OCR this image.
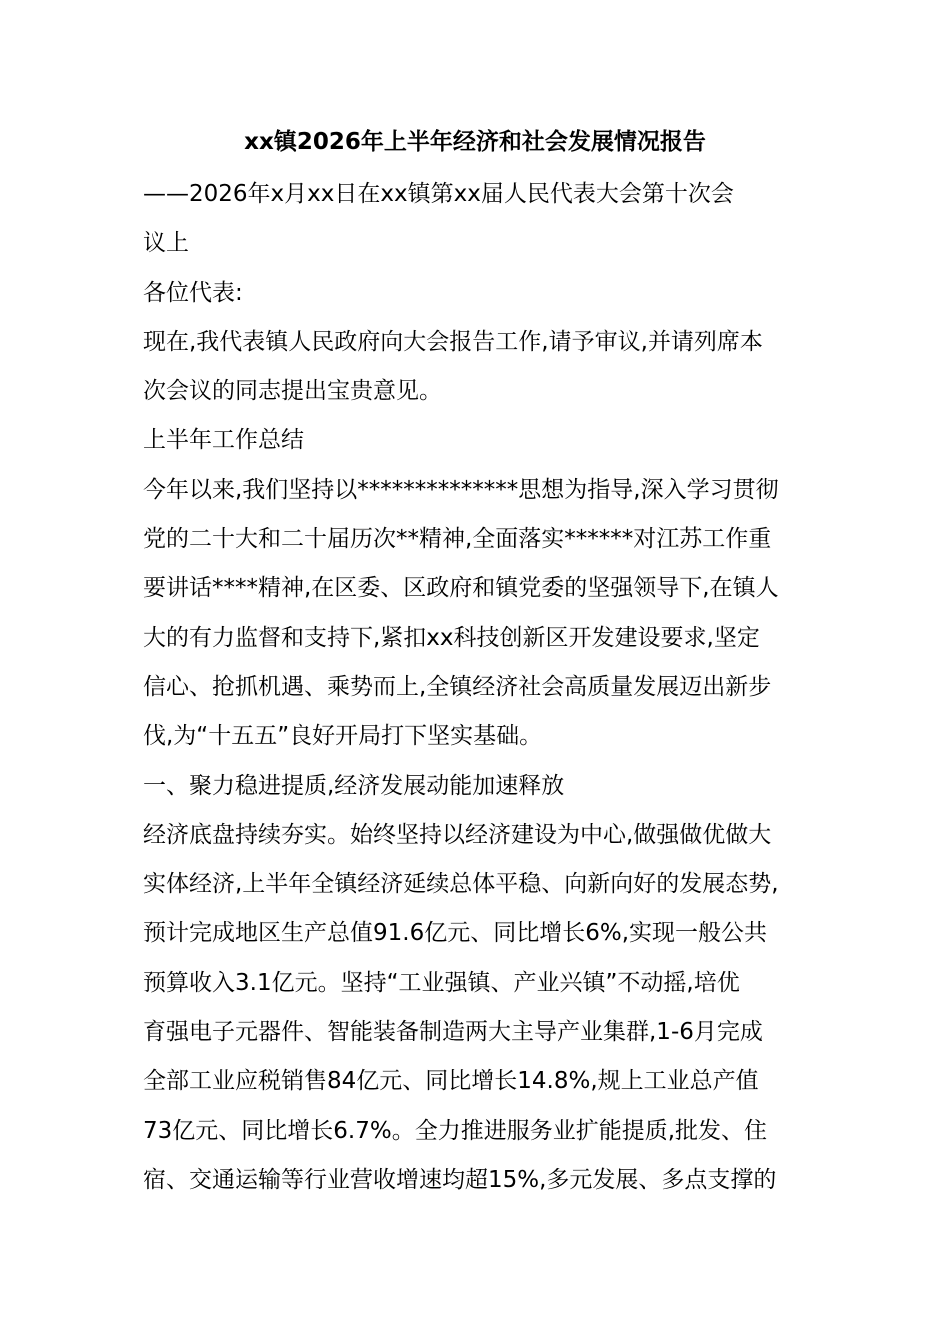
xx镇2026年上半年经济和社会发展情况报告
——2026年x月xx日在xx镇第xx届人民代表大会第十次会
议上
各位代表:
现在,我代表镇人民政府向大会报告工作,请予审议,并请列席本
次会议的同志提出宝贵意见。
上半年工作总结
今年以来,我们坚持以**************思想为指导,深入学习贯彻
党的二十大和二十届历次**精神,全面落实******对江苏工作重
要讲话****精神,在区委、区政府和镇党委的坚强领导下,在镇人
大的有力监督和支持下,紧扣xx科技创新区开发建设要求,坚定
信心、抢抓机遇、乘势而上,全镇经济社会高质量发展迈出新步
伐,为“十五五”良好开局打下坚实基础。
一、聚力稳进提质,经济发展动能加速释放
经济底盘持续夯实。始终坚持以经济建设为中心,做强做优做大
实体经济,上半年全镇经济延续总体平稳、向新向好的发展态势,
预计完成地区生产总值91.6亿元、同比增长6%,实现一般公共
预算收入3.1亿元。坚持“工业强镇、产业兴镇”不动摇,培优
育强电子元器件、智能装备制造两大主导产业集群,1-6月完成
全部工业应税销售84亿元、同比增长14.8%,规上工业总产值
73亿元、同比增长6.7%。全力推进服务业扩能提质,批发、住
宿、交通运输等行业营收增速均超15%,多元发展、多点支撑的
